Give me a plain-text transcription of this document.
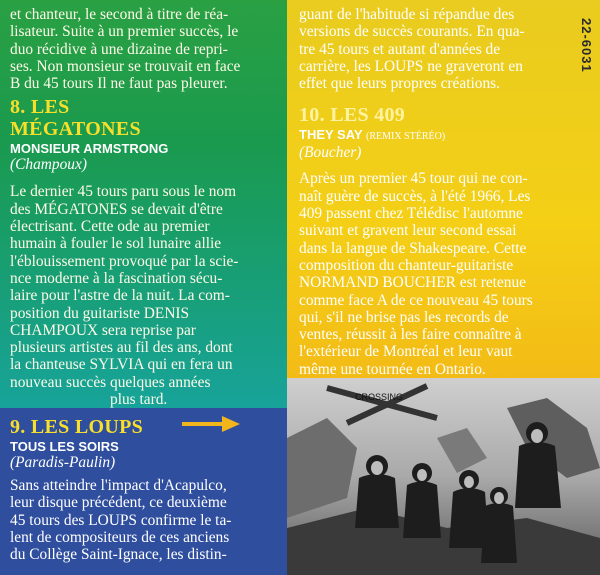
et chanteur, le second à titre de réa-

lisateur. Suite à un premier succès, le

duo récidive à une dizaine de repri-

ses. Non monsieur se trouvait en face

B du 45 tours Il ne faut pas pleurer.

8. LES
MÉGATONES
MONSIEUR ARMSTRONG
(Champoux)

Le dernier 45 tours paru sous le nom

des MÉGATONES se devait d'être

électrisant. Cette ode au premier

humain à fouler le sol lunaire allie

l'éblouissement provoqué par la scie-

nce moderne à la fascination sécu-

laire pour l'astre de la nuit. La com-

position du guitariste DENIS

CHAMPOUX sera reprise par

plusieurs artistes au fil des ans, dont

la chanteuse SYLVIA qui en fera un

nouveau succès quelques années

plus tard.

9. LES LOUPS
TOUS LES SOIRS
(Paradis-Paulin)

Sans atteindre l'impact d'Acapulco,

leur disque précédent, ce deuxième

45 tours des LOUPS confirme le ta-

lent de compositeurs de ces anciens

du Collège Saint-Ignace, les distin-

guant de l'habitude si répandue des

versions de succès courants. En qua-

tre 45 tours et autant d'années de

carrière, les LOUPS ne graveront en

effet que leurs propres créations.

10. LES 409
THEY SAY (REMIX STÉRÉO)
(Boucher)

Après un premier 45 tour qui ne con-

naît guère de succès, à l'été 1966, Les

409 passent chez Télédisc l'automne

suivant et gravent leur second essai

dans la langue de Shakespeare. Cette

composition du chanteur-guitariste

NORMAND BOUCHER est retenue

comme face A de ce nouveau 45 tours

qui, s'il ne brise pas les records de

ventes, réussit à les faire connaître à

l'extérieur de Montréal et leur vaut

même une tournée en Ontario.

22-6031
CROSSING
